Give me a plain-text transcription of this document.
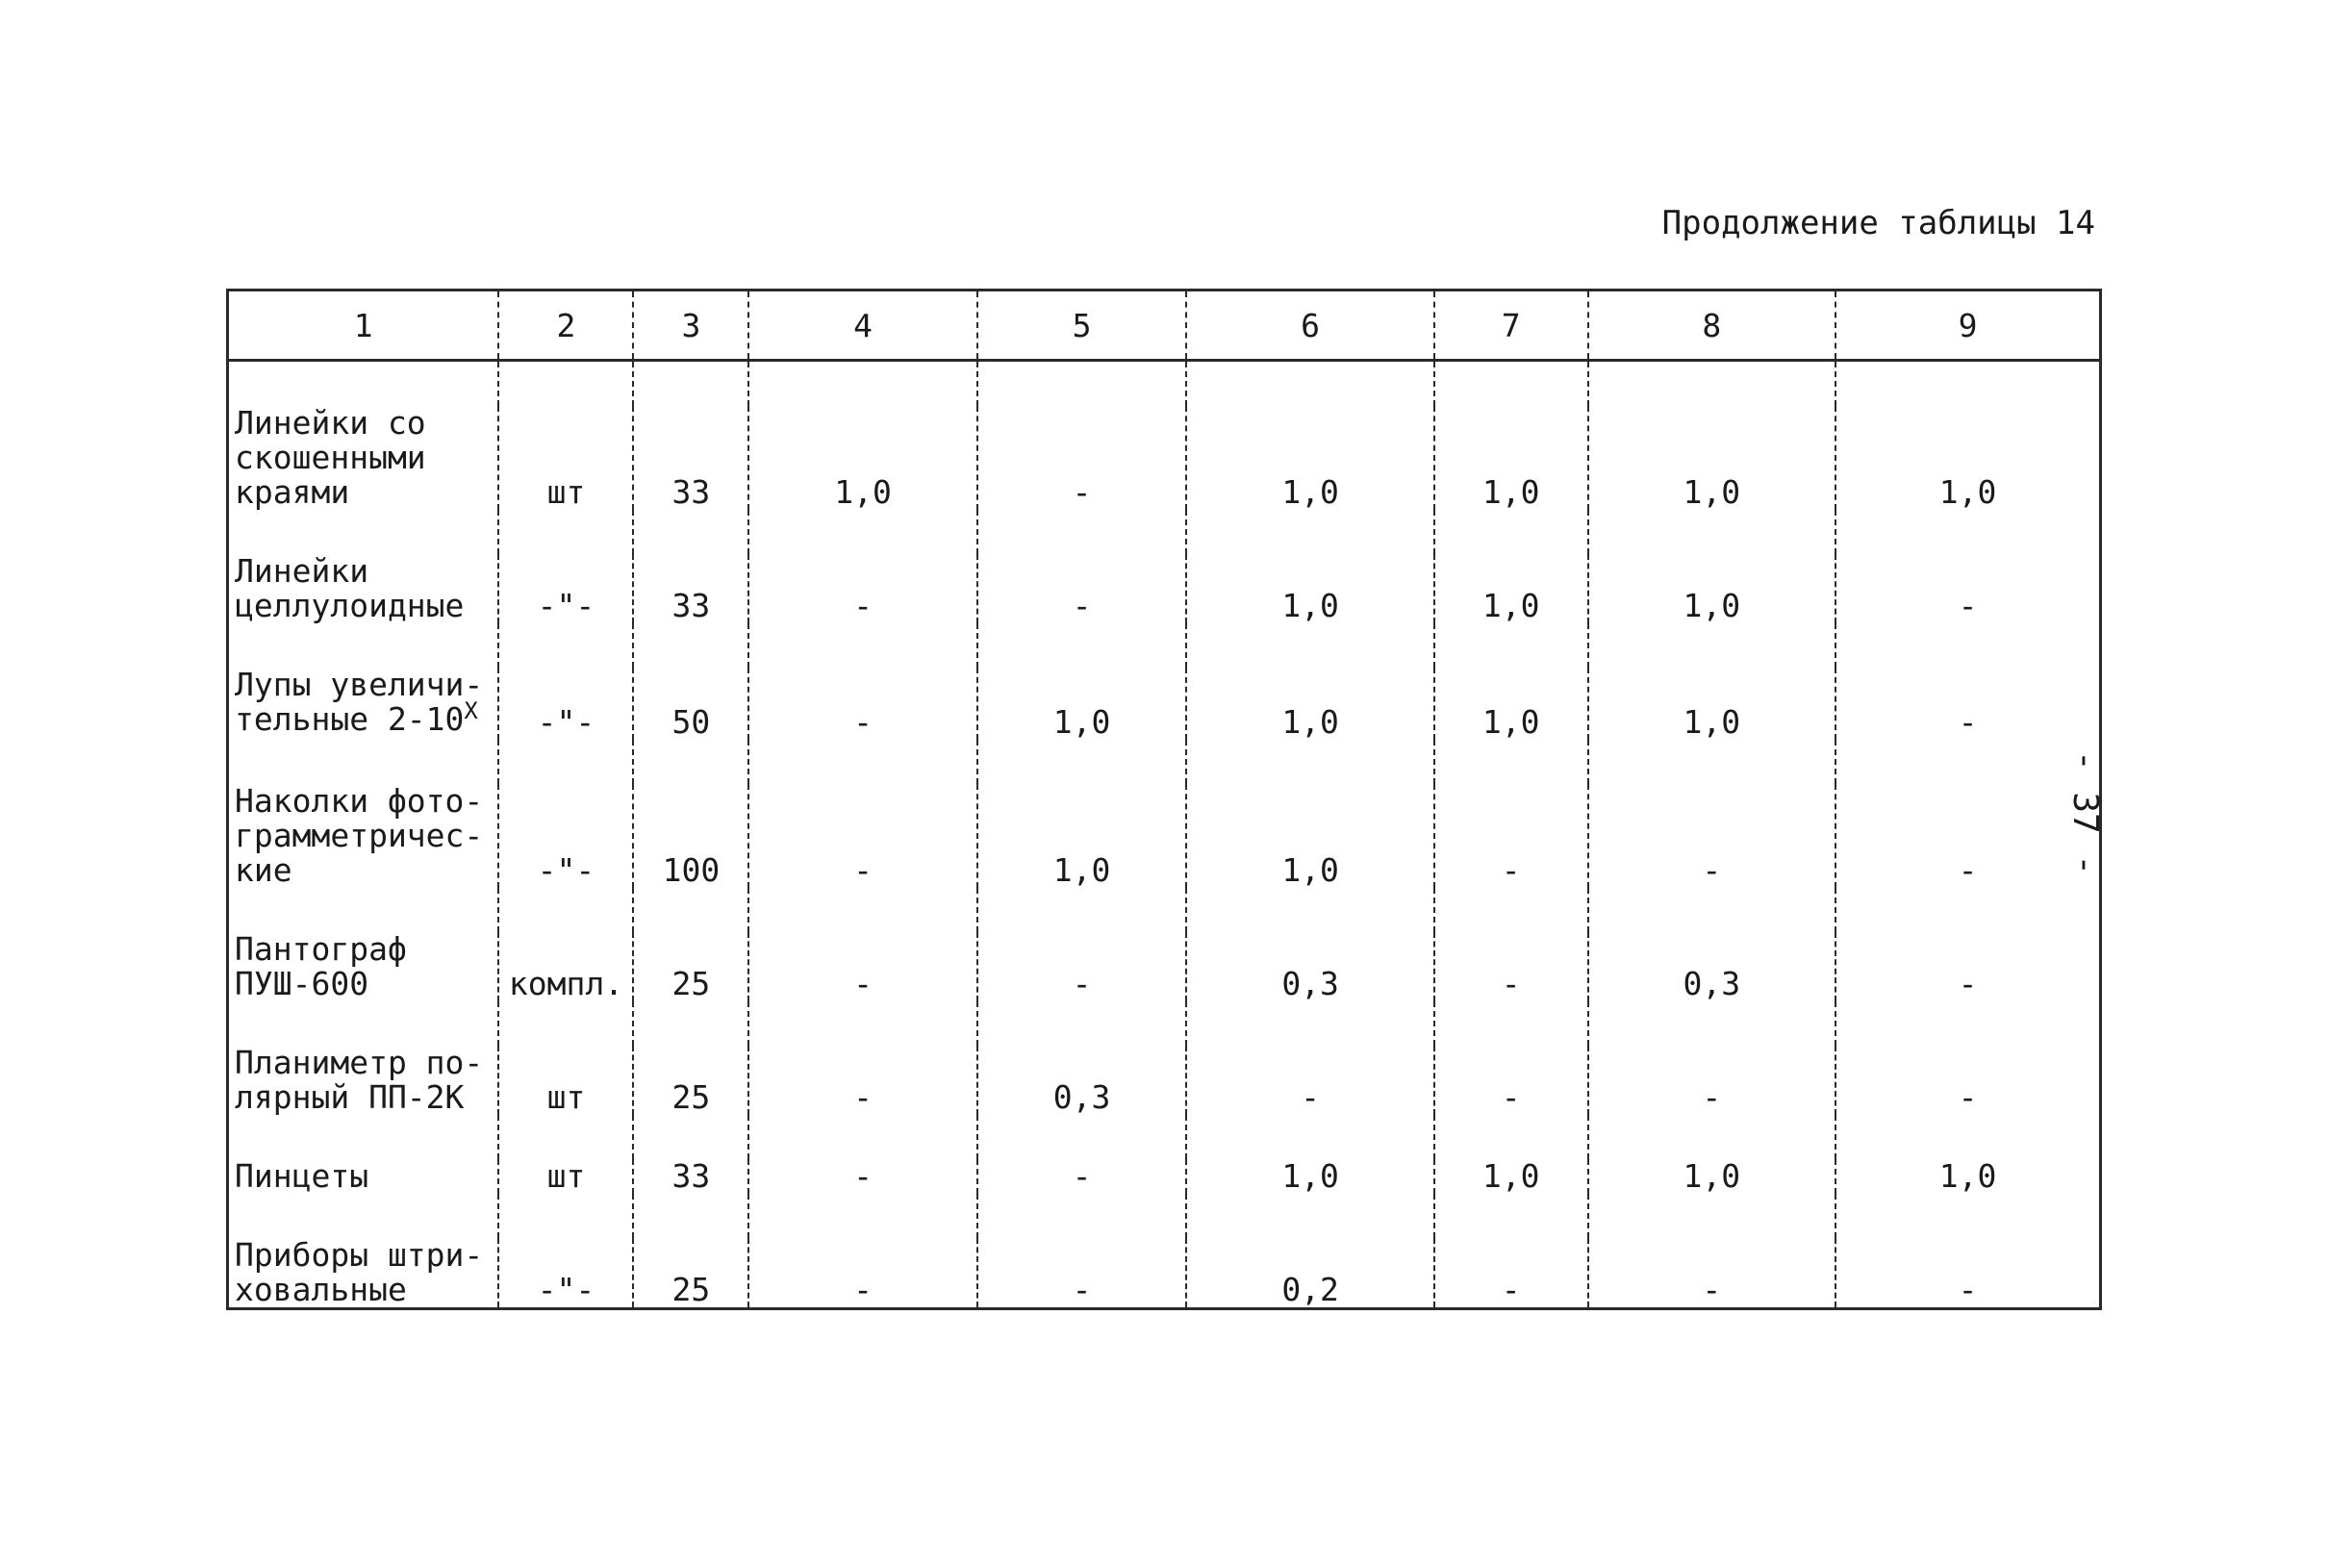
Продолжение таблицы 14
- 37 -
1	2	3	4	5	6	7	8	9

Линейки со
скошенными
краями	шт	33	1,0	-	1,0	1,0	1,0	1,0

Линейки
целлулоидные	-"-	33	-	-	1,0	1,0	1,0	-

Лупы увеличи-
тельные $2-10^X$	-"-	50	-	1,0	1,0	1,0	1,0	-

Наколки фото-
грамметричес-
кие	-"-	100	-	1,0	1,0	-	-	-

Пантограф
ПУШ-600	компл.	25	-	-	0,3	-	0,3	-

Планиметр по-
лярный ПП-2К	шт	25	-	0,3	-	-	-	-

Пинцеты	шт	33	-	-	1,0	1,0	1,0	1,0

Приборы штри-
ховальные	-"-	25	-	-	0,2	-	-	-
